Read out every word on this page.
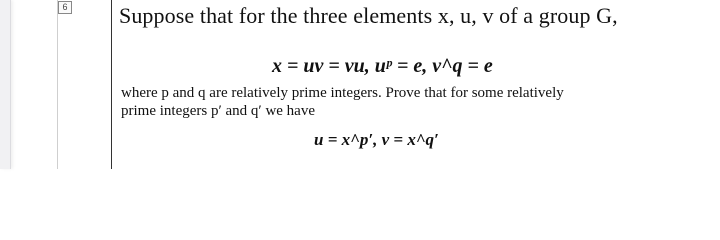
6 Suppose that for the three elements x, u, v of a group G,
x = uv = vu, uᵖ = e, v^q = e
where p and q are relatively prime integers. Prove that for some relatively
prime integers p′ and q′ we have
u = x^p′, v = x^q′
